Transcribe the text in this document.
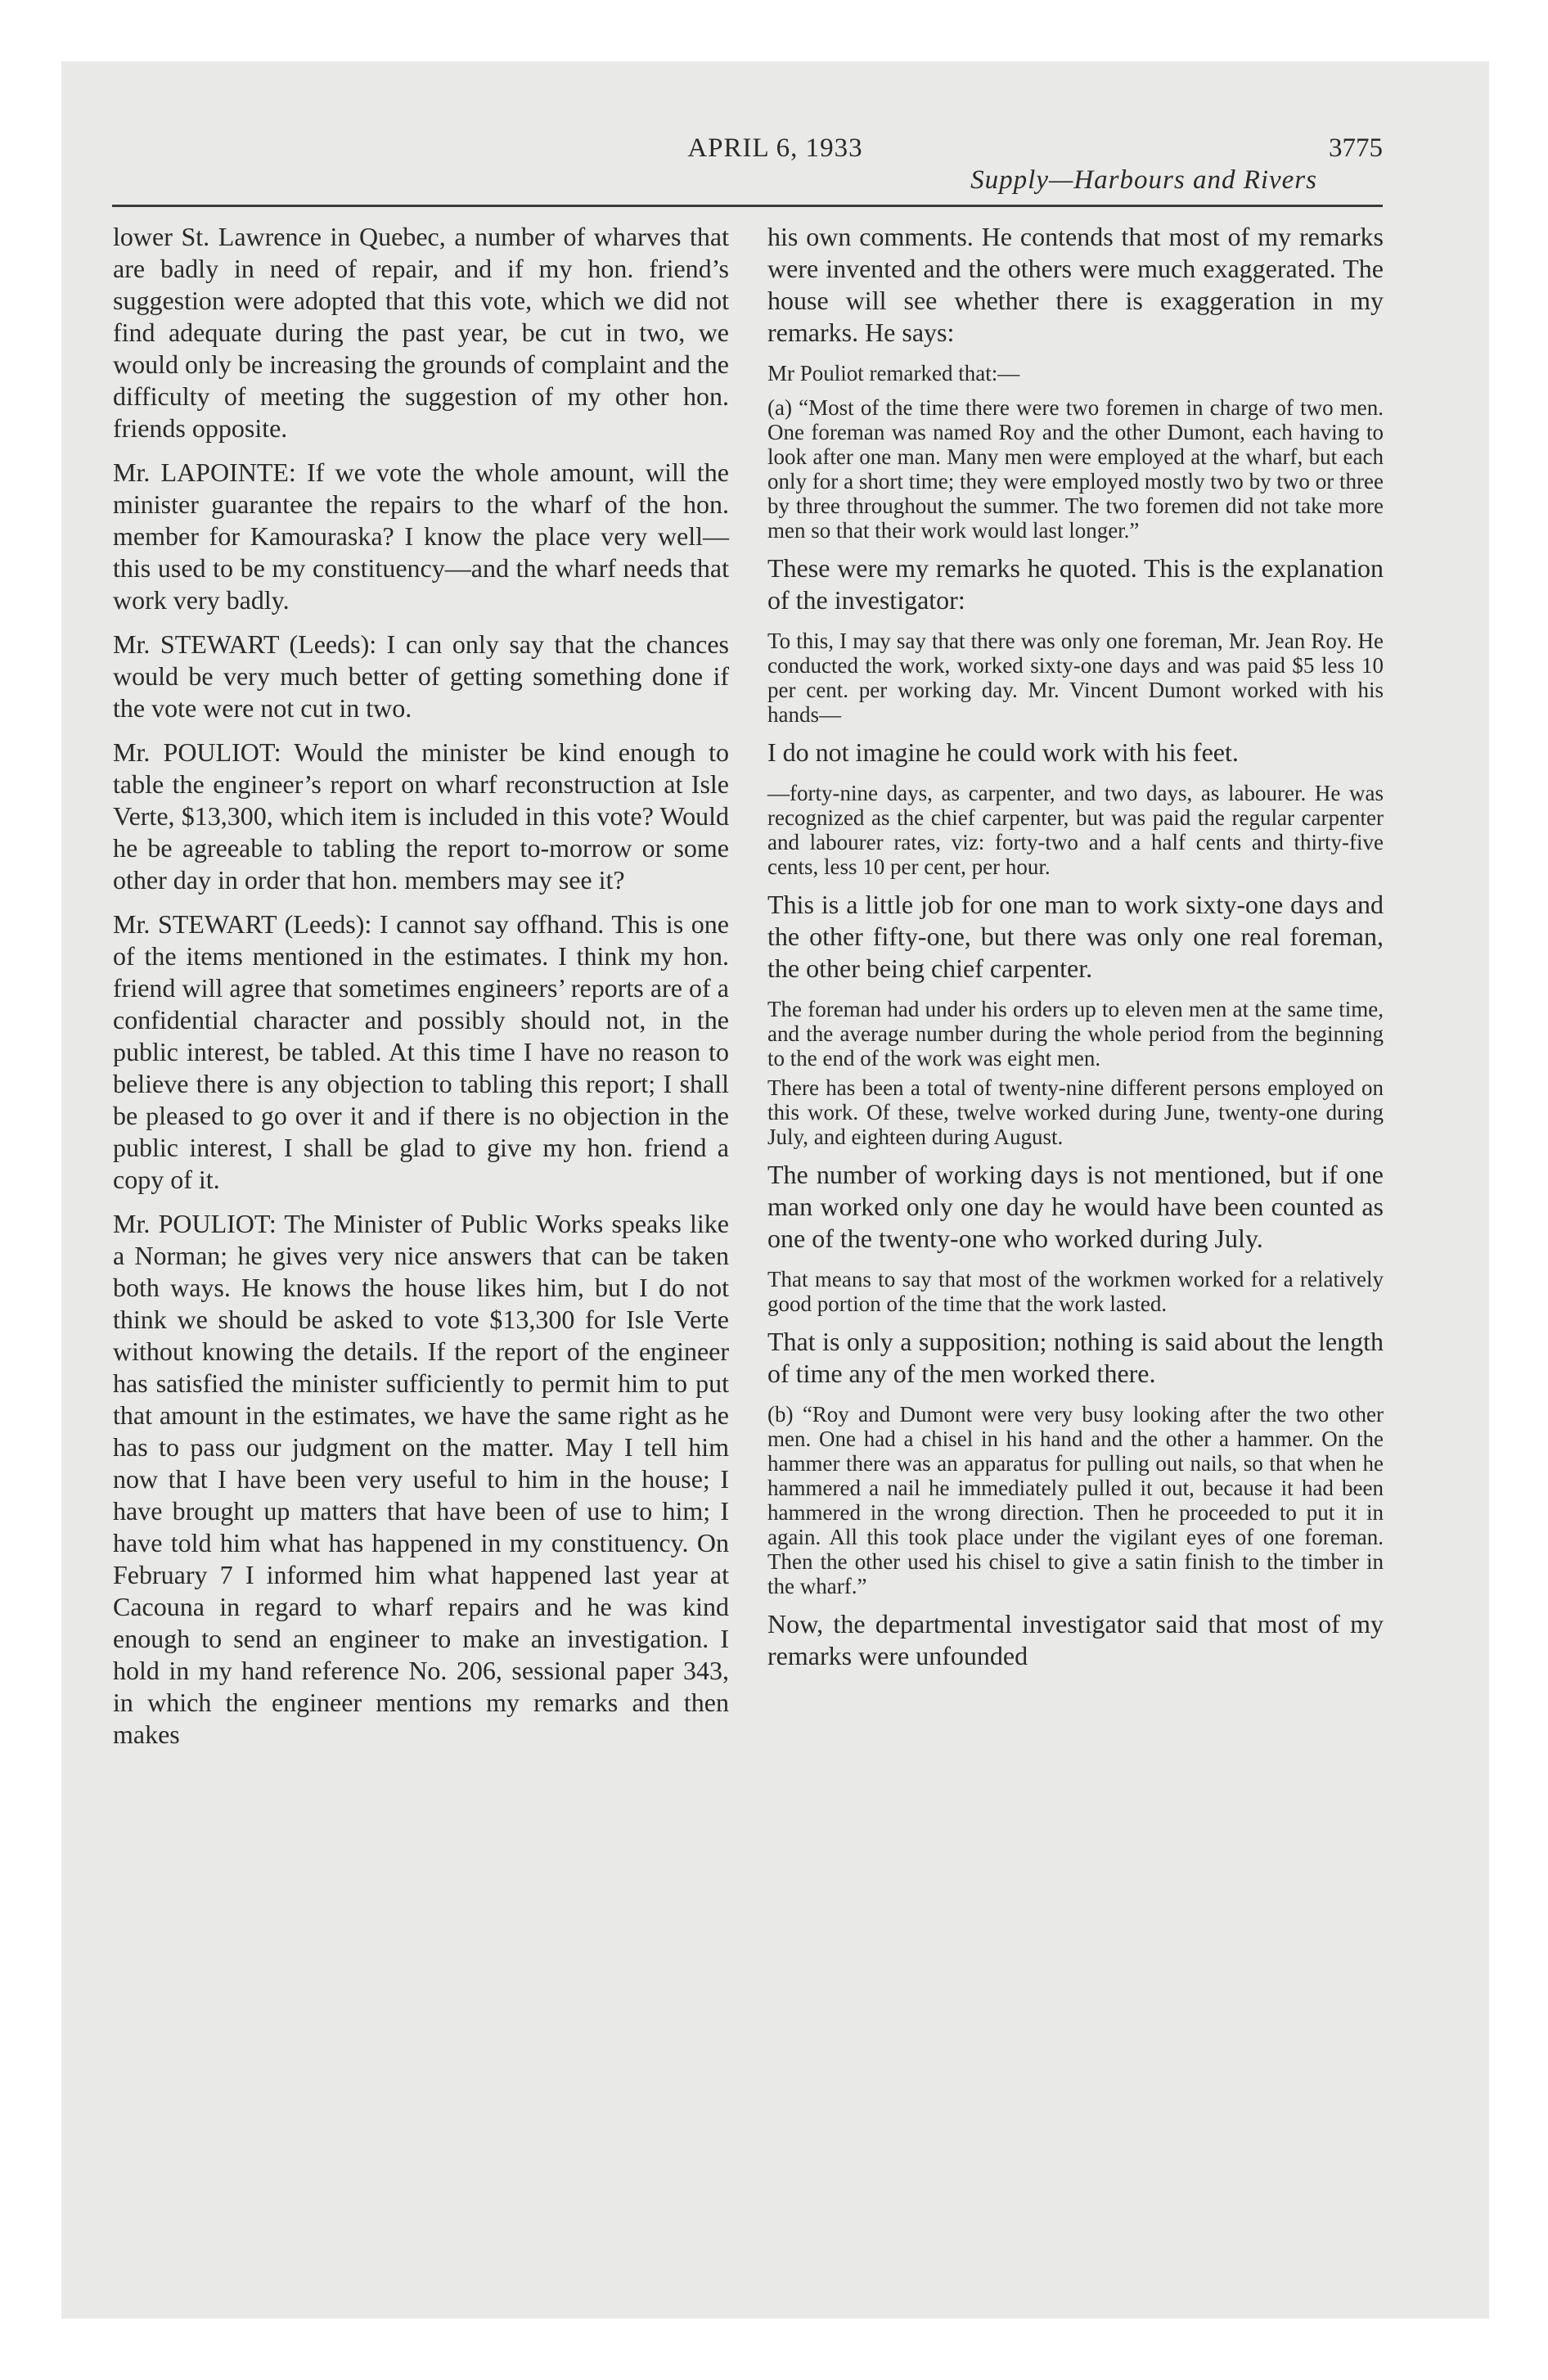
APRIL 6, 1933	3775
Supply—Harbours and Rivers

lower St. Lawrence in Quebec, a number of wharves that are badly in need of repair, and if my hon. friend’s suggestion were adopted that this vote, which we did not find adequate during the past year, be cut in two, we would only be increasing the grounds of complaint and the difficulty of meeting the suggestion of my other hon. friends opposite.

Mr. LAPOINTE: If we vote the whole amount, will the minister guarantee the repairs to the wharf of the hon. member for Kamouraska? I know the place very well—this used to be my constituency—and the wharf needs that work very badly.

Mr. STEWART (Leeds): I can only say that the chances would be very much better of getting something done if the vote were not cut in two.

Mr. POULIOT: Would the minister be kind enough to table the engineer’s report on wharf reconstruction at Isle Verte, $13,300, which item is included in this vote? Would he be agreeable to tabling the report to-morrow or some other day in order that hon. members may see it?

Mr. STEWART (Leeds): I cannot say offhand. This is one of the items mentioned in the estimates. I think my hon. friend will agree that sometimes engineers’ reports are of a confidential character and possibly should not, in the public interest, be tabled. At this time I have no reason to believe there is any objection to tabling this report; I shall be pleased to go over it and if there is no objection in the public interest, I shall be glad to give my hon. friend a copy of it.

Mr. POULIOT: The Minister of Public Works speaks like a Norman; he gives very nice answers that can be taken both ways. He knows the house likes him, but I do not think we should be asked to vote $13,300 for Isle Verte without knowing the details. If the report of the engineer has satisfied the minister sufficiently to permit him to put that amount in the estimates, we have the same right as he has to pass our judgment on the matter. May I tell him now that I have been very useful to him in the house; I have brought up matters that have been of use to him; I have told him what has happened in my constituency. On February 7 I informed him what happened last year at Cacouna in regard to wharf repairs and he was kind enough to send an engineer to make an investigation. I hold in my hand reference No. 206, sessional paper 343, in which the engineer mentions my remarks and then makes

his own comments. He contends that most of my remarks were invented and the others were much exaggerated. The house will see whether there is exaggeration in my remarks. He says:

Mr Pouliot remarked that:—

(a) “Most of the time there were two foremen in charge of two men. One foreman was named Roy and the other Dumont, each having to look after one man. Many men were employed at the wharf, but each only for a short time; they were employed mostly two by two or three by three throughout the summer. The two foremen did not take more men so that their work would last longer.”

These were my remarks he quoted. This is the explanation of the investigator:

To this, I may say that there was only one foreman, Mr. Jean Roy. He conducted the work, worked sixty-one days and was paid $5 less 10 per cent. per working day. Mr. Vincent Dumont worked with his hands—

I do not imagine he could work with his feet.

—forty-nine days, as carpenter, and two days, as labourer. He was recognized as the chief carpenter, but was paid the regular carpenter and labourer rates, viz: forty-two and a half cents and thirty-five cents, less 10 per cent, per hour.

This is a little job for one man to work sixty-one days and the other fifty-one, but there was only one real foreman, the other being chief carpenter.

The foreman had under his orders up to eleven men at the same time, and the average number during the whole period from the beginning to the end of the work was eight men.

There has been a total of twenty-nine different persons employed on this work. Of these, twelve worked during June, twenty-one during July, and eighteen during August.

The number of working days is not mentioned, but if one man worked only one day he would have been counted as one of the twenty-one who worked during July.

That means to say that most of the workmen worked for a relatively good portion of the time that the work lasted.

That is only a supposition; nothing is said about the length of time any of the men worked there.

(b) “Roy and Dumont were very busy looking after the two other men. One had a chisel in his hand and the other a hammer. On the hammer there was an apparatus for pulling out nails, so that when he hammered a nail he immediately pulled it out, because it had been hammered in the wrong direction. Then he proceeded to put it in again. All this took place under the vigilant eyes of one foreman. Then the other used his chisel to give a satin finish to the timber in the wharf.”

Now, the departmental investigator said that most of my remarks were unfounded
